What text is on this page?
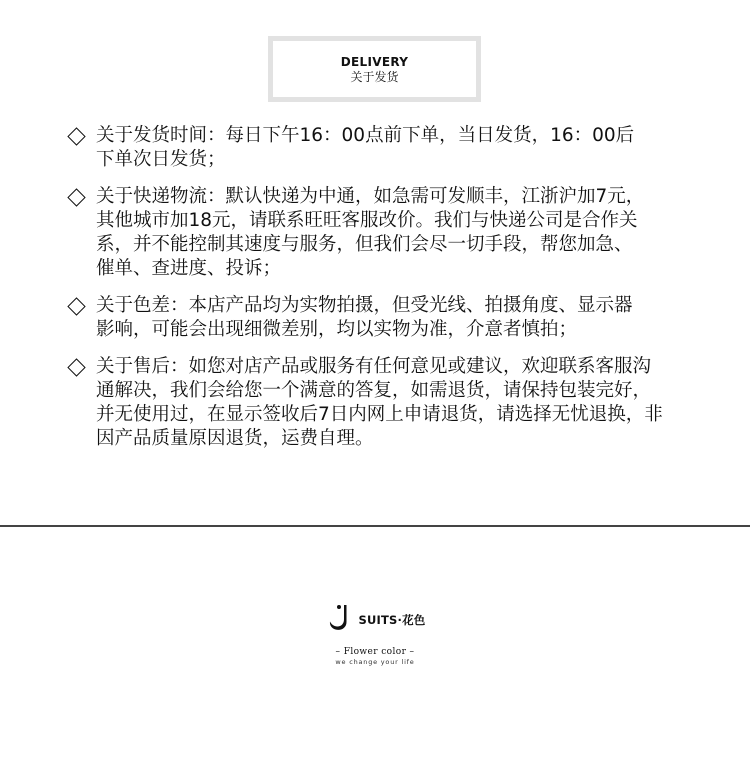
DELIVERY
关于发货
关于发货时间：每日下午16：00点前下单，当日发货，16：00后
下单次日发货；
关于快递物流：默认快递为中通，如急需可发顺丰，江浙沪加7元，
其他城市加18元，请联系旺旺客服改价。我们与快递公司是合作关
系，并不能控制其速度与服务，但我们会尽一切手段，帮您加急、
催单、查进度、投诉；
关于色差：本店产品均为实物拍摄，但受光线、拍摄角度、显示器
影响，可能会出现细微差别，均以实物为准，介意者慎拍；
关于售后：如您对店产品或服务有任何意见或建议，欢迎联系客服沟
通解决，我们会给您一个满意的答复，如需退货，请保持包装完好，
并无使用过，在显示签收后7日内网上申请退货，请选择无忧退换，非
因产品质量原因退货，运费自理。
SUITS·花色
– Flower color –
we change your life
